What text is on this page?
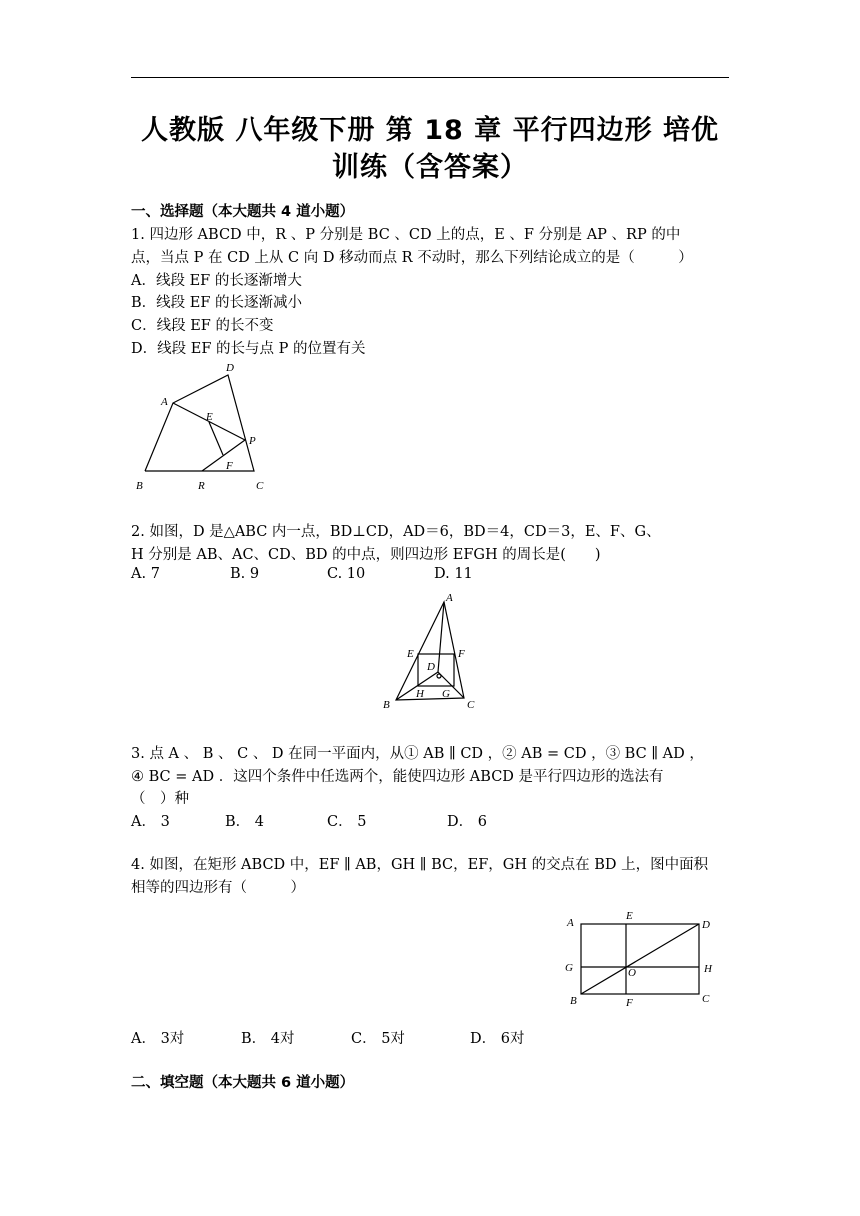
人教版 八年级下册 第 18 章 平行四边形 培优
训练（含答案）
一、选择题（本大题共 4 道小题）
1. 四边形 ABCD 中，R 、P 分别是 BC 、CD 上的点，E 、F 分别是 AP 、RP 的中
点，当点 P 在 CD 上从 C 向 D 移动而点 R 不动时，那么下列结论成立的是（　　　）
A．线段 EF 的长逐渐增大
B．线段 EF 的长逐渐减小
C．线段 EF 的长不变
D．线段 EF 的长与点 P 的位置有关
D
A
E
P
F
B	R	C
2. 如图，D 是△ABC 内一点，BD⊥CD，AD＝6，BD＝4，CD＝3，E、F、G、
H 分别是 AB、AC、CD、BD 的中点，则四边形 EFGH 的周长是(　　)
A. 7	B. 9	C. 10	D. 11
A
E	F
D
H G
B	C
3. 点 A 、 B 、 C 、 D 在同一平面内，从① AB ∥ CD ，② AB = CD ，③ BC ∥ AD ，
④ BC = AD ．这四个条件中任选两个，能使四边形 ABCD 是平行四边形的选法有
（　）种
A． 3	B． 4	C． 5	D． 6
4. 如图，在矩形 ABCD 中，EF ∥ AB，GH ∥ BC，EF，GH 的交点在 BD 上，图中面积
相等的四边形有（　　　）
A
E
D
G	O	H
B	F	C
A． 3对	B． 4对	C． 5对	D． 6对
二、填空题（本大题共 6 道小题）
